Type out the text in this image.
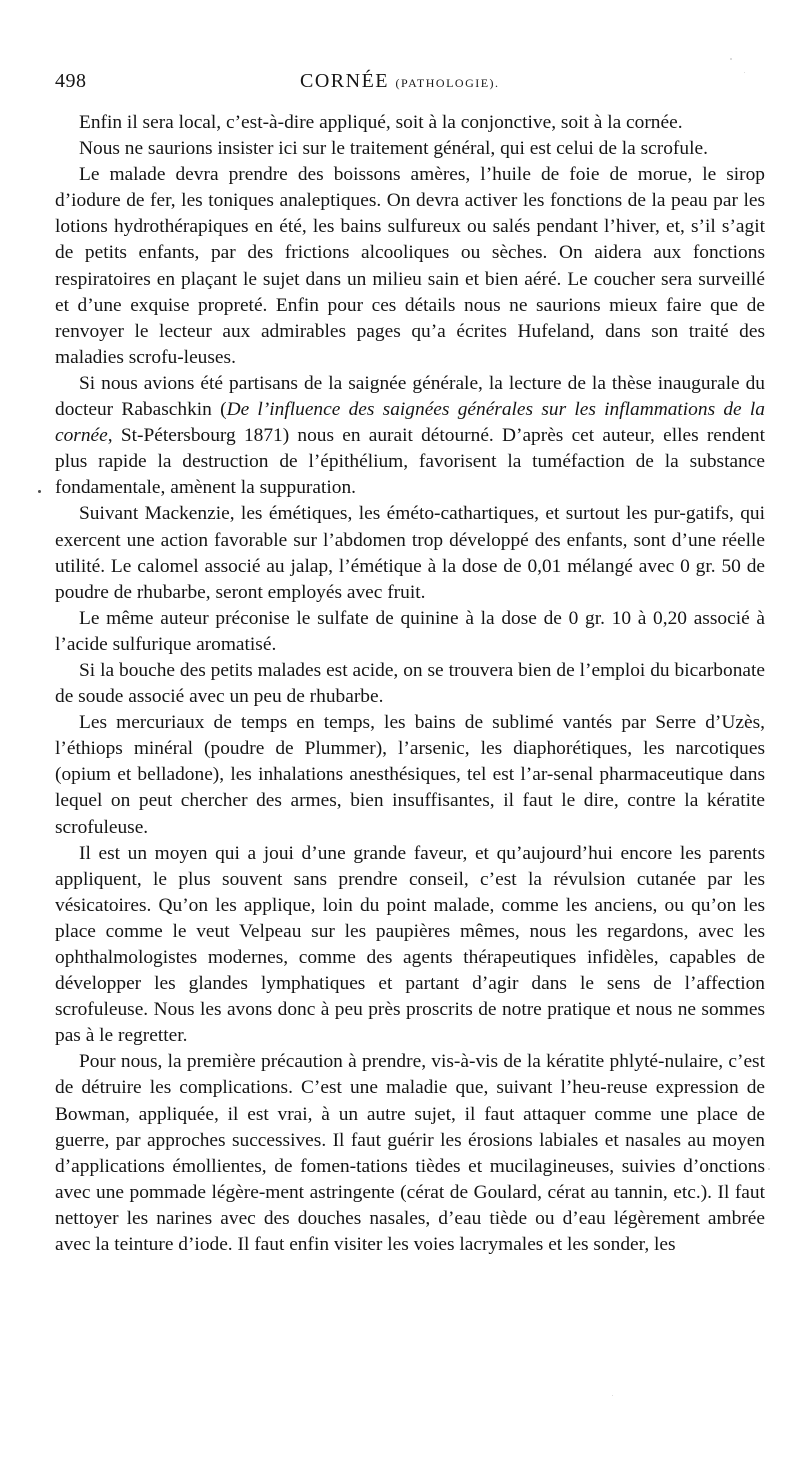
498	CORNÉE (PATHOLOGIE).

Enfin il sera local, c’est-à-dire appliqué, soit à la conjonctive, soit à la cornée.

Nous ne saurions insister ici sur le traitement général, qui est celui de la scrofule.

Le malade devra prendre des boissons amères, l’huile de foie de morue, le sirop d’iodure de fer, les toniques analeptiques. On devra activer les fonctions de la peau par les lotions hydrothérapiques en été, les bains sulfureux ou salés pendant l’hiver, et, s’il s’agit de petits enfants, par des frictions alcooliques ou sèches. On aidera aux fonctions respiratoires en plaçant le sujet dans un milieu sain et bien aéré. Le coucher sera surveillé et d’une exquise propreté. Enfin pour ces détails nous ne saurions mieux faire que de renvoyer le lecteur aux admirables pages qu’a écrites Hufeland, dans son traité des maladies scrofu-leuses.

Si nous avions été partisans de la saignée générale, la lecture de la thèse inaugurale du docteur Rabaschkin (De l’influence des saignées générales sur les inflammations de la cornée, St-Pétersbourg 1871) nous en aurait détourné. D’après cet auteur, elles rendent plus rapide la destruction de l’épithélium, favorisent la tuméfaction de la substance fondamentale, amènent la suppuration.

Suivant Mackenzie, les émétiques, les éméto-cathartiques, et surtout les pur-gatifs, qui exercent une action favorable sur l’abdomen trop développé des enfants, sont d’une réelle utilité. Le calomel associé au jalap, l’émétique à la dose de 0,01 mélangé avec 0 gr. 50 de poudre de rhubarbe, seront employés avec fruit.

Le même auteur préconise le sulfate de quinine à la dose de 0 gr. 10 à 0,20 associé à l’acide sulfurique aromatisé.

Si la bouche des petits malades est acide, on se trouvera bien de l’emploi du bicarbonate de soude associé avec un peu de rhubarbe.

Les mercuriaux de temps en temps, les bains de sublimé vantés par Serre d’Uzès, l’éthiops minéral (poudre de Plummer), l’arsenic, les diaphorétiques, les narcotiques (opium et belladone), les inhalations anesthésiques, tel est l’ar-senal pharmaceutique dans lequel on peut chercher des armes, bien insuffisantes, il faut le dire, contre la kératite scrofuleuse.

Il est un moyen qui a joui d’une grande faveur, et qu’aujourd’hui encore les parents appliquent, le plus souvent sans prendre conseil, c’est la révulsion cutanée par les vésicatoires. Qu’on les applique, loin du point malade, comme les anciens, ou qu’on les place comme le veut Velpeau sur les paupières mêmes, nous les regardons, avec les ophthalmologistes modernes, comme des agents thérapeutiques infidèles, capables de développer les glandes lymphatiques et partant d’agir dans le sens de l’affection scrofuleuse. Nous les avons donc à peu près proscrits de notre pratique et nous ne sommes pas à le regretter.

Pour nous, la première précaution à prendre, vis-à-vis de la kératite phlyté-nulaire, c’est de détruire les complications. C’est une maladie que, suivant l’heu-reuse expression de Bowman, appliquée, il est vrai, à un autre sujet, il faut attaquer comme une place de guerre, par approches successives. Il faut guérir les érosions labiales et nasales au moyen d’applications émollientes, de fomen-tations tièdes et mucilagineuses, suivies d’onctions avec une pommade légère-ment astringente (cérat de Goulard, cérat au tannin, etc.). Il faut nettoyer les narines avec des douches nasales, d’eau tiède ou d’eau légèrement ambrée avec la teinture d’iode. Il faut enfin visiter les voies lacrymales et les sonder, les
